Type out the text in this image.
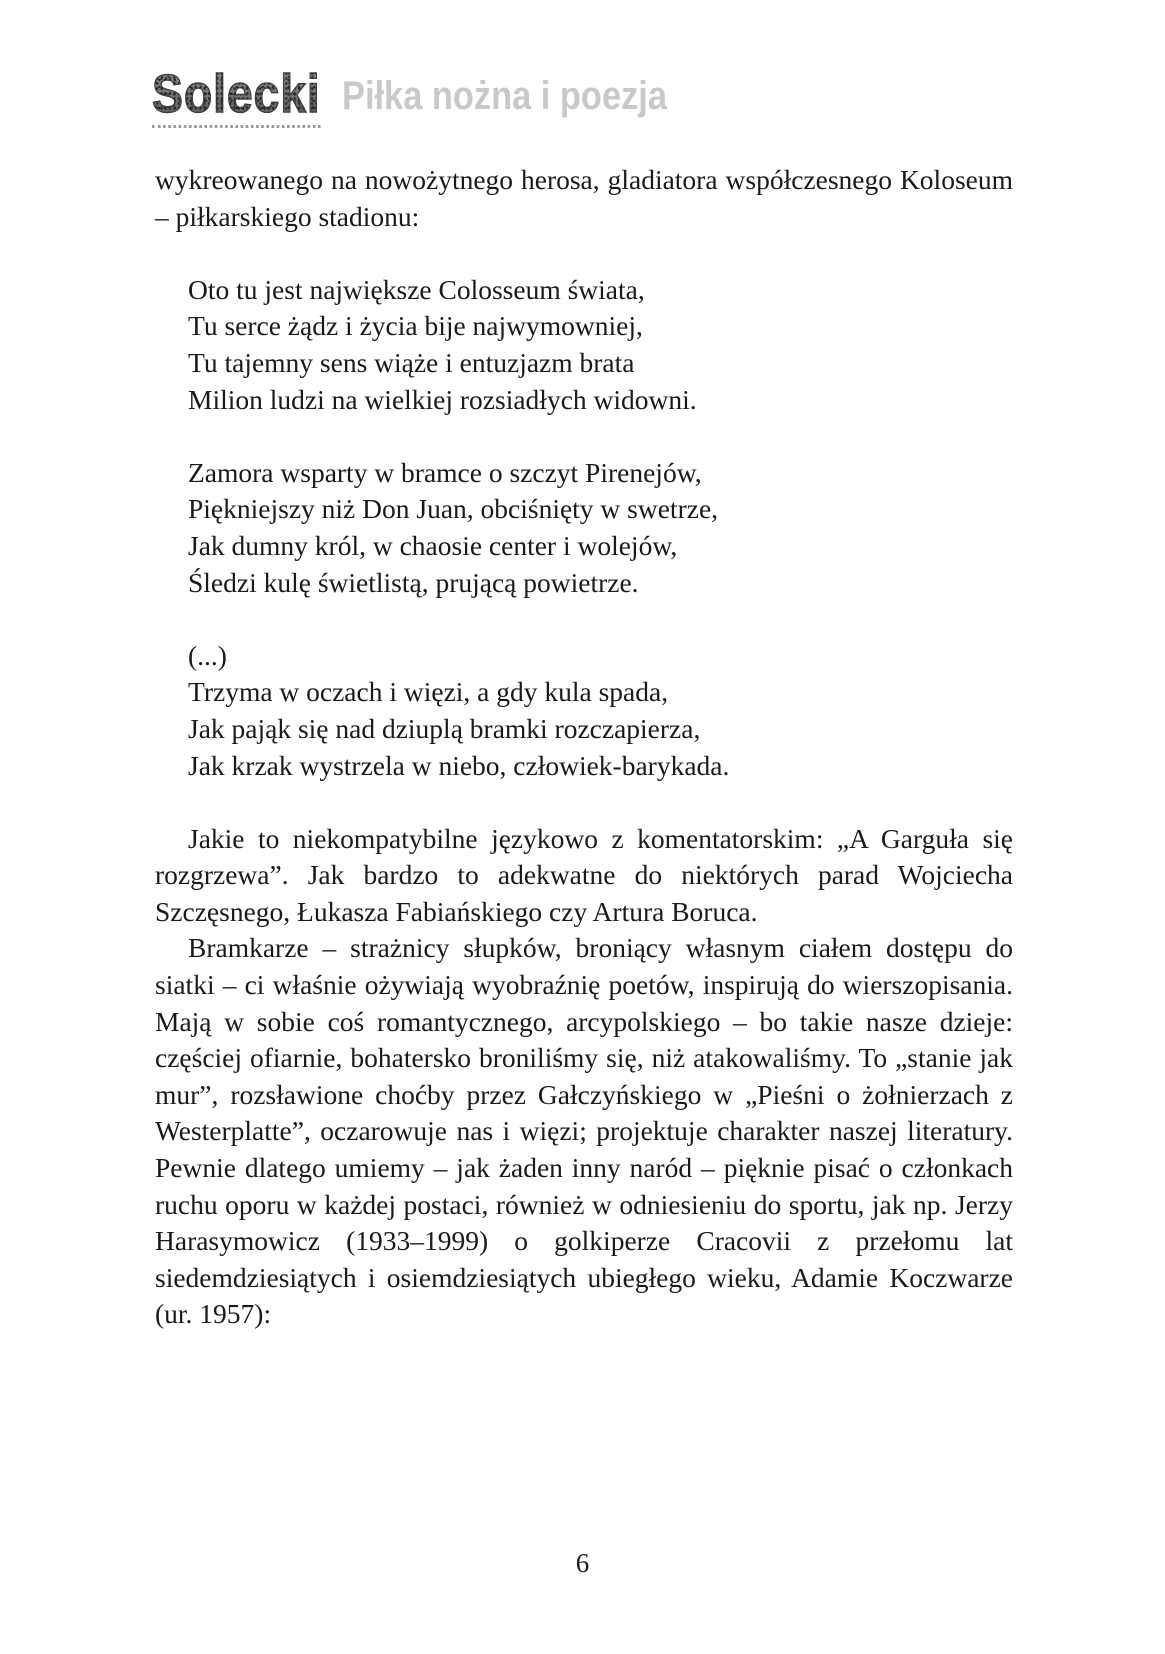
Solecki Piłka nożna i poezja

wykreowanego na nowożytnego herosa, gladiatora współczesnego Koloseum – piłkarskiego stadionu:

Oto tu jest największe Colosseum świata,
Tu serce żądz i życia bije najwymowniej,
Tu tajemny sens wiąże i entuzjazm brata
Milion ludzi na wielkiej rozsiadłych widowni.
Zamora wsparty w bramce o szczyt Pirenejów,
Piękniejszy niż Don Juan, obciśnięty w swetrze,
Jak dumny król, w chaosie center i wolejów,
Śledzi kulę świetlistą, prującą powietrze.
(...)
Trzyma w oczach i więzi, a gdy kula spada,
Jak pająk się nad dziuplą bramki rozczapierza,
Jak krzak wystrzela w niebo, człowiek-barykada.

Jakie to niekompatybilne językowo z komentatorskim: „A Garguła się rozgrzewa”. Jak bardzo to adekwatne do niektórych parad Wojciecha Szczęsnego, Łukasza Fabiańskiego czy Artura Boruca.

Bramkarze – strażnicy słupków, broniący własnym ciałem dostępu do siatki – ci właśnie ożywiają wyobraźnię poetów, inspirują do wierszopisania. Mają w sobie coś romantycznego, arcypolskiego – bo takie nasze dzieje: częściej ofiarnie, bohatersko broniliśmy się, niż atakowaliśmy. To „stanie jak mur”, rozsławione choćby przez Gałczyńskiego w „Pieśni o żołnierzach z Westerplatte”, oczarowuje nas i więzi; projektuje charakter naszej literatury. Pewnie dlatego umiemy – jak żaden inny naród – pięknie pisać o członkach ruchu oporu w każdej postaci, również w odniesieniu do sportu, jak np. Jerzy Harasymowicz (1933–1999) o golkiperze Cracovii z przełomu lat siedemdziesiątych i osiemdziesiątych ubiegłego wieku, Adamie Koczwarze (ur. 1957):

6
